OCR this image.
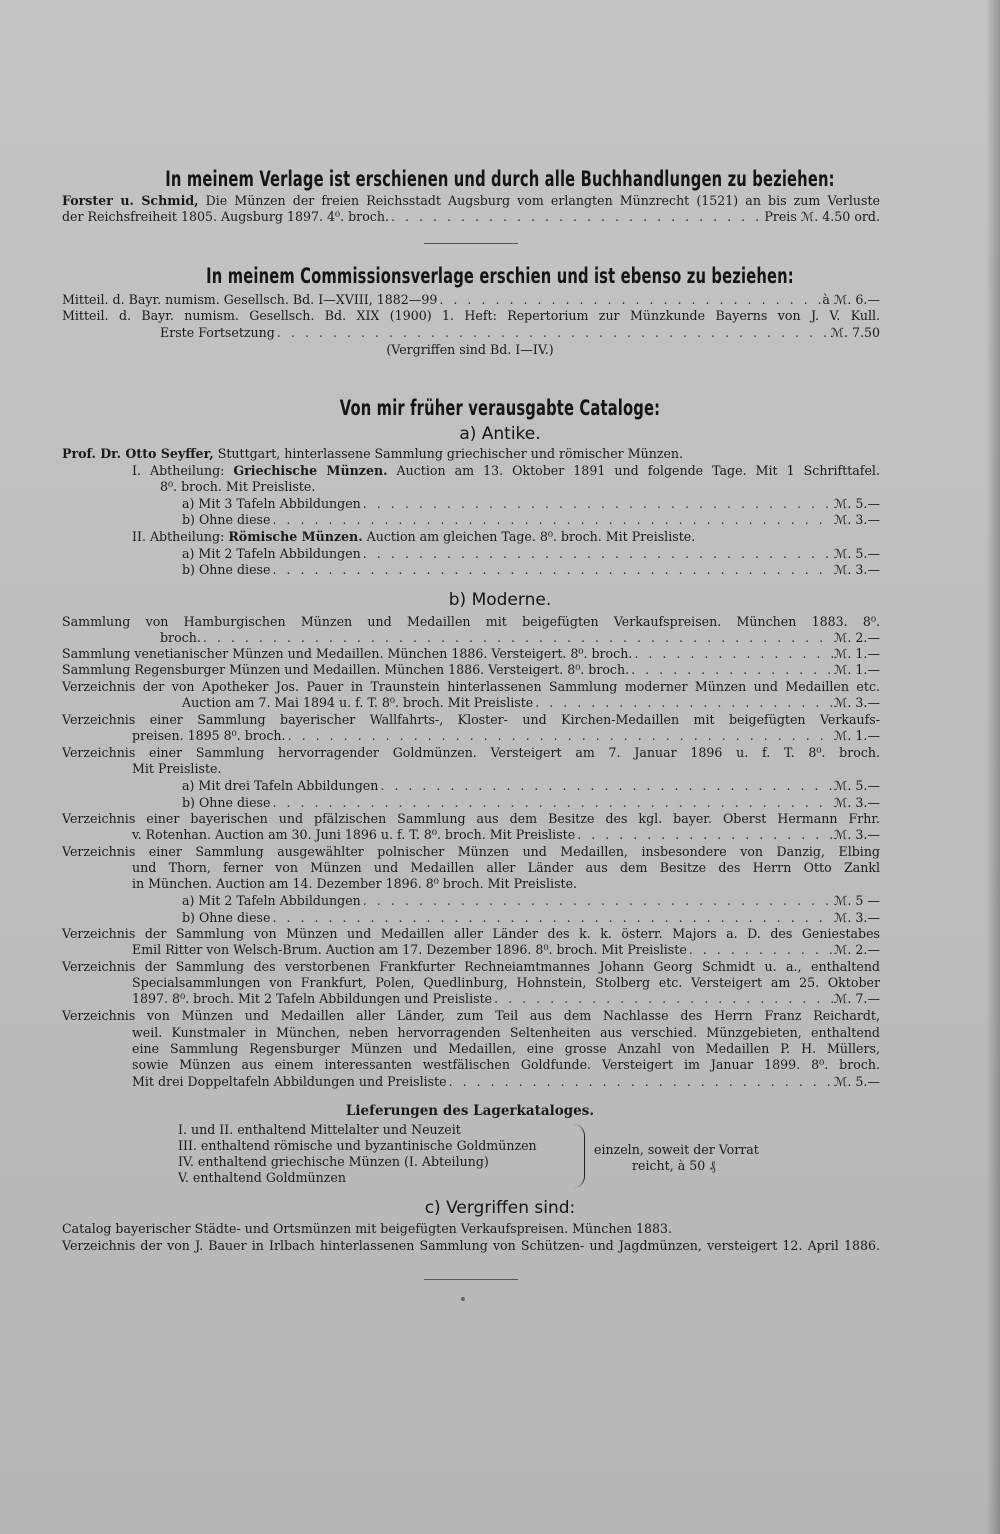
In meinem Verlage ist erschienen und durch alle Buchhandlungen zu beziehen:
Forster u. Schmid, Die Münzen der freien Reichsstadt Augsburg vom erlangten Münzrecht (1521) an bis zum Verluste
der Reichsfreiheit 1805. Augsburg 1897. 4⁰. broch. . . .	Preis ℳ. 4.50 ord.
In meinem Commissionsverlage erschien und ist ebenso zu beziehen:
Mitteil. d. Bayr. numism. Gesellsch. Bd. I—XVIII, 1882—99 . . .	à ℳ. 6.—
Mitteil. d. Bayr. numism. Gesellsch. Bd. XIX (1900) 1. Heft: Repertorium zur Münzkunde Bayerns von J. V. Kull.
Erste Fortsetzung . . .	ℳ. 7.50
(Vergriffen sind Bd. I—IV.)
Von mir früher verausgabte Cataloge:
a) Antike.
Prof. Dr. Otto Seyffer, Stuttgart, hinterlassene Sammlung griechischer und römischer Münzen.
I. Abtheilung: Griechische Münzen. Auction am 13. Oktober 1891 und folgende Tage. Mit 1 Schrifttafel.
8⁰. broch. Mit Preisliste.
a) Mit 3 Tafeln Abbildungen . . .	ℳ. 5.—
b) Ohne diese . . .	ℳ. 3.—
II. Abtheilung: Römische Münzen. Auction am gleichen Tage. 8⁰. broch. Mit Preisliste.
a) Mit 2 Tafeln Abbildungen . . .	ℳ. 5.—
b) Ohne diese . . .	ℳ. 3.—
b) Moderne.
Sammlung von Hamburgischen Münzen und Medaillen mit beigefügten Verkaufspreisen. München 1883. 8⁰.
broch. . . .	ℳ. 2.—
Sammlung venetianischer Münzen und Medaillen. München 1886. Versteigert. 8⁰. broch. . . .	ℳ. 1.—
Sammlung Regensburger Münzen und Medaillen. München 1886. Versteigert. 8⁰. broch. . . .	ℳ. 1.—
Verzeichnis der von Apotheker Jos. Pauer in Traunstein hinterlassenen Sammlung moderner Münzen und Medaillen etc.
Auction am 7. Mai 1894 u. f. T. 8⁰. broch. Mit Preisliste . . .	ℳ. 3.—
Verzeichnis einer Sammlung bayerischer Wallfahrts-, Kloster- und Kirchen-Medaillen mit beigefügten Verkaufs-
preisen. 1895 8⁰. broch. . . .	ℳ. 1.—
Verzeichnis einer Sammlung hervorragender Goldmünzen. Versteigert am 7. Januar 1896 u. f. T. 8⁰. broch.
Mit Preisliste.
a) Mit drei Tafeln Abbildungen . . .	ℳ. 5.—
b) Ohne diese . . .	ℳ. 3.—
Verzeichnis einer bayerischen und pfälzischen Sammlung aus dem Besitze des kgl. bayer. Oberst Hermann Frhr.
v. Rotenhan. Auction am 30. Juni 1896 u. f. T. 8⁰. broch. Mit Preisliste . . .	ℳ. 3.—
Verzeichnis einer Sammlung ausgewählter polnischer Münzen und Medaillen, insbesondere von Danzig, Elbing
und Thorn, ferner von Münzen und Medaillen aller Länder aus dem Besitze des Herrn Otto Zankl
in München. Auction am 14. Dezember 1896. 8⁰ broch. Mit Preisliste.
a) Mit 2 Tafeln Abbildungen . . .	ℳ. 5 —
b) Ohne diese . . .	ℳ. 3.—
Verzeichnis der Sammlung von Münzen und Medaillen aller Länder des k. k. österr. Majors a. D. des Geniestabes
Emil Ritter von Welsch-Brum. Auction am 17. Dezember 1896. 8⁰. broch. Mit Preisliste . . .	ℳ. 2.—
Verzeichnis der Sammlung des verstorbenen Frankfurter Rechneiamtmannes Johann Georg Schmidt u. a., enthaltend
Specialsammlungen von Frankfurt, Polen, Quedlinburg, Hohnstein, Stolberg etc. Versteigert am 25. Oktober
1897. 8⁰. broch. Mit 2 Tafeln Abbildungen und Preisliste . . .	ℳ. 7.—
Verzeichnis von Münzen und Medaillen aller Länder, zum Teil aus dem Nachlasse des Herrn Franz Reichardt,
weil. Kunstmaler in München, neben hervorragenden Seltenheiten aus verschied. Münzgebieten, enthaltend
eine Sammlung Regensburger Münzen und Medaillen, eine grosse Anzahl von Medaillen P. H. Müllers,
sowie Münzen aus einem interessanten westfälischen Goldfunde. Versteigert im Januar 1899. 8⁰. broch.
Mit drei Doppeltafeln Abbildungen und Preisliste . . .	ℳ. 5.—
Lieferungen des Lagerkataloges.
I. und II. enthaltend Mittelalter und Neuzeit
III. enthaltend römische und byzantinische Goldmünzen
IV. enthaltend griechische Münzen (I. Abteilung)
V. enthaltend Goldmünzen
einzeln, soweit der Vorrat
reicht, à 50 ₰
c) Vergriffen sind:
Catalog bayerischer Städte- und Ortsmünzen mit beigefügten Verkaufspreisen. München 1883.
Verzeichnis der von J. Bauer in Irlbach hinterlassenen Sammlung von Schützen- und Jagdmünzen, versteigert 12. April 1886.
